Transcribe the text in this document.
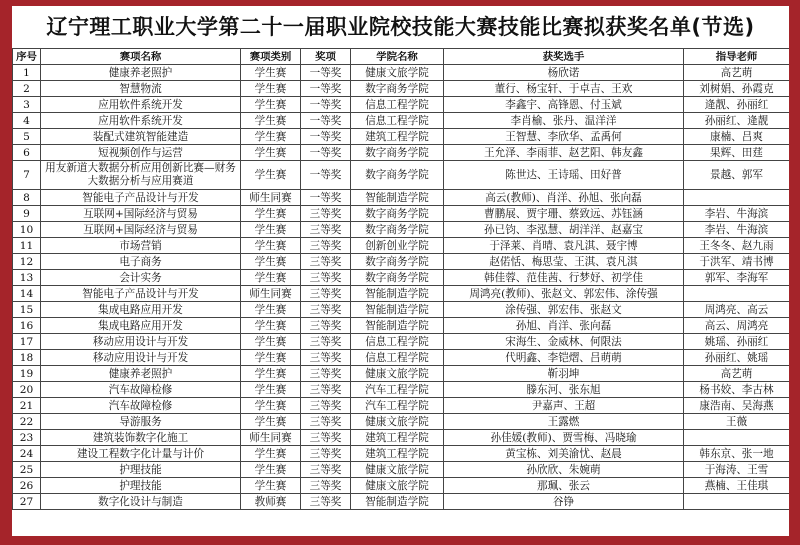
辽宁理工职业大学第二十一届职业院校技能大赛技能比赛拟获奖名单(节选)
序号	赛项名称	赛项类别	奖项	学院名称	获奖选手	指导老师
1	健康养老照护	学生赛	一等奖	健康文旅学院	杨欣诺	高艺萌
2	智慧物流	学生赛	一等奖	数字商务学院	董行、杨宝轩、于卓吉、王欢	刘树娟、孙霞克
3	应用软件系统开发	学生赛	一等奖	信息工程学院	李鑫宇、高锋恩、付玉斌	逄靓、孙丽红
4	应用软件系统开发	学生赛	一等奖	信息工程学院	李肖榆、张丹、温洋洋	孙丽红、逄靓
5	装配式建筑智能建造	学生赛	一等奖	建筑工程学院	王智慧、李欣华、孟禹何	康楠、吕爽
6	短视频创作与运营	学生赛	一等奖	数字商务学院	王允泽、李雨菲、赵艺阳、韩友鑫	果辉、田莛
7	用友新道大数据分析应用创新比赛—财务大数据分析与应用赛道	学生赛	一等奖	数字商务学院	陈世达、王诗瑶、田好普	景越、郭军
8	智能电子产品设计与开发	师生同赛	一等奖	智能制造学院	高云(教师)、肖洋、孙旭、张向磊	
9	互联网+国际经济与贸易	学生赛	三等奖	数字商务学院	曹鹏展、贾宇珊、蔡致远、苏钰涵	李岩、牛海滨
10	互联网+国际经济与贸易	学生赛	三等奖	数字商务学院	孙已钧、李泓慧、胡洋洋、赵嘉宝	李岩、牛海滨
11	市场营销	学生赛	三等奖	创新创业学院	于泽莱、肖晴、袁凡淇、聂宇博	王冬冬、赵九雨
12	电子商务	学生赛	三等奖	数字商务学院	赵偌恬、梅思莹、王淇、袁凡淇	于洪军、靖书博
13	会计实务	学生赛	三等奖	数字商务学院	韩佳蓉、范佳茜、行梦妤、初学佳	郭军、李海军
14	智能电子产品设计与开发	师生同赛	三等奖	智能制造学院	周鸿亮(教师)、张赵文、郭宏伟、涂传强	
15	集成电路应用开发	学生赛	三等奖	智能制造学院	涂传强、郭宏伟、张赵文	周鸿亮、高云
16	集成电路应用开发	学生赛	三等奖	智能制造学院	孙旭、肖洋、张向磊	高云、周鸿亮
17	移动应用设计与开发	学生赛	三等奖	信息工程学院	宋海生、金威林、何限法	姚瑶、孙丽红
18	移动应用设计与开发	学生赛	三等奖	信息工程学院	代明鑫、李铠熠、吕萌萌	孙丽红、姚瑶
19	健康养老照护	学生赛	三等奖	健康文旅学院	靳羽坤	高艺萌
20	汽车故障检修	学生赛	三等奖	汽车工程学院	滕东河、张东旭	杨书姣、李古林
21	汽车故障检修	学生赛	三等奖	汽车工程学院	尹嘉声、王超	康浩南、吴海燕
22	导游服务	学生赛	三等奖	健康文旅学院	王露燃	王薇
23	建筑装饰数字化施工	师生同赛	三等奖	建筑工程学院	孙佳媛(教师)、贾雪梅、冯晓瑜	
24	建设工程数字化计量与计价	学生赛	三等奖	建筑工程学院	黄宝栋、刘美渝忧、赵晨	韩东京、张一地
25	护理技能	学生赛	三等奖	健康文旅学院	孙欣欣、朱婉萌	于海涛、王雪
26	护理技能	学生赛	三等奖	健康文旅学院	那珮、张云	燕楠、王佳琪
27	数字化设计与制造	教师赛	三等奖	智能制造学院	谷铮	
